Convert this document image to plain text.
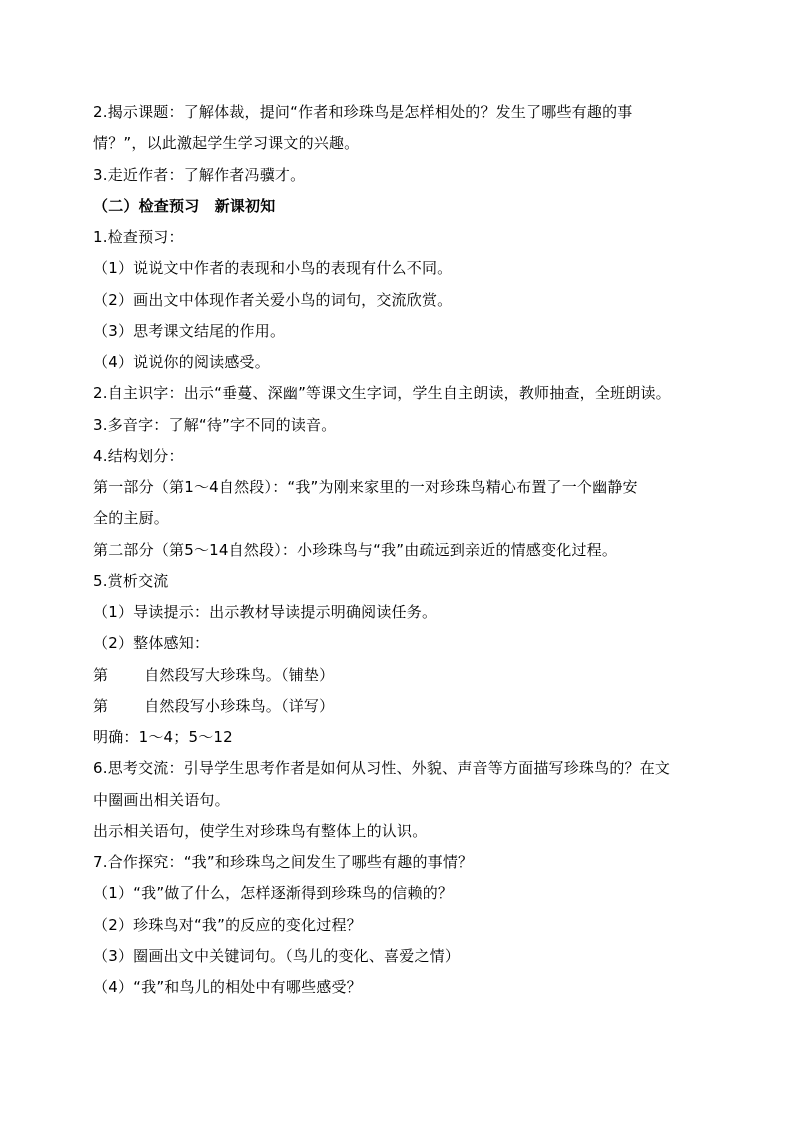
2.揭示课题：了解体裁，提问“作者和珍珠鸟是怎样相处的？发生了哪些有趣的事
情？”，以此激起学生学习课文的兴趣。
3.走近作者：了解作者冯骥才。
（二）检查预习　新课初知
1.检查预习：
（1）说说文中作者的表现和小鸟的表现有什么不同。
（2）画出文中体现作者关爱小鸟的词句，交流欣赏。
（3）思考课文结尾的作用。
（4）说说你的阅读感受。
2.自主识字：出示“垂蔓、深幽”等课文生字词，学生自主朗读，教师抽查，全班朗读。
3.多音字：了解“待”字不同的读音。
4.结构划分：
第一部分（第1～4自然段）：“我”为刚来家里的一对珍珠鸟精心布置了一个幽静安
全的主厨。
第二部分（第5～14自然段）：小珍珠鸟与“我”由疏远到亲近的情感变化过程。
5.赏析交流
（1）导读提示：出示教材导读提示明确阅读任务。
（2）整体感知：
第 自然段写大珍珠鸟。（铺垫）
第 自然段写小珍珠鸟。（详写）
明确：1～4；5～12
6.思考交流：引导学生思考作者是如何从习性、外貌、声音等方面描写珍珠鸟的？在文
中圈画出相关语句。
出示相关语句，使学生对珍珠鸟有整体上的认识。
7.合作探究：“我”和珍珠鸟之间发生了哪些有趣的事情？
（1）“我”做了什么，怎样逐渐得到珍珠鸟的信赖的？
（2）珍珠鸟对“我”的反应的变化过程？
（3）圈画出文中关键词句。（鸟儿的变化、喜爱之情）
（4）“我”和鸟儿的相处中有哪些感受？
